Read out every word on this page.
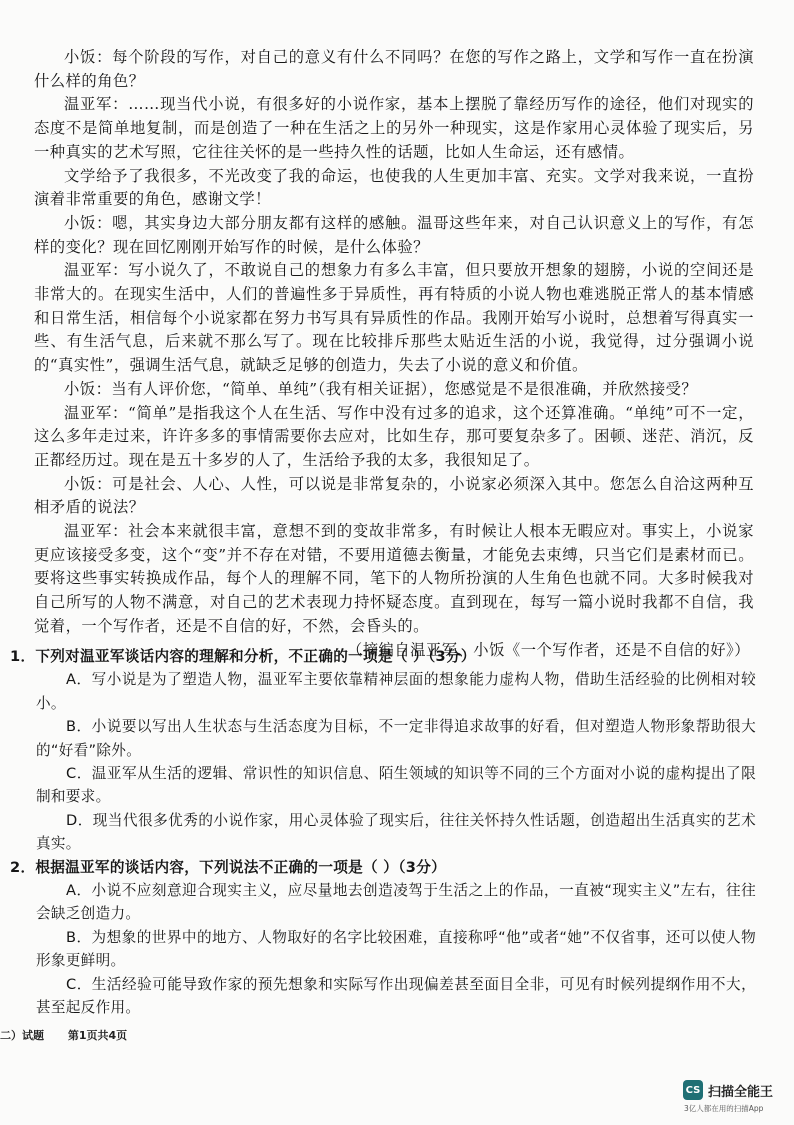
小饭：每个阶段的写作，对自己的意义有什么不同吗？在您的写作之路上，文学和写作一直在扮演什么样的角色？

温亚军：……现当代小说，有很多好的小说作家，基本上摆脱了靠经历写作的途径，他们对现实的态度不是简单地复制，而是创造了一种在生活之上的另外一种现实，这是作家用心灵体验了现实后，另一种真实的艺术写照，它往往关怀的是一些持久性的话题，比如人生命运，还有感情。

文学给予了我很多，不光改变了我的命运，也使我的人生更加丰富、充实。文学对我来说，一直扮演着非常重要的角色，感谢文学！

小饭：嗯，其实身边大部分朋友都有这样的感触。温哥这些年来，对自己认识意义上的写作，有怎样的变化？现在回忆刚刚开始写作的时候，是什么体验？

温亚军：写小说久了，不敢说自己的想象力有多么丰富，但只要放开想象的翅膀，小说的空间还是非常大的。在现实生活中，人们的普遍性多于异质性，再有特质的小说人物也难逃脱正常人的基本情感和日常生活，相信每个小说家都在努力书写具有异质性的作品。我刚开始写小说时，总想着写得真实一些、有生活气息，后来就不那么写了。现在比较排斥那些太贴近生活的小说，我觉得，过分强调小说的“真实性”，强调生活气息，就缺乏足够的创造力，失去了小说的意义和价值。

小饭：当有人评价您，“简单、单纯”（我有相关证据），您感觉是不是很准确，并欣然接受？

温亚军：“简单”是指我这个人在生活、写作中没有过多的追求，这个还算准确。“单纯”可不一定，这么多年走过来，许许多多的事情需要你去应对，比如生存，那可要复杂多了。困顿、迷茫、消沉，反正都经历过。现在是五十多岁的人了，生活给予我的太多，我很知足了。

小饭：可是社会、人心、人性，可以说是非常复杂的，小说家必须深入其中。您怎么自洽这两种互相矛盾的说法？

温亚军：社会本来就很丰富，意想不到的变故非常多，有时候让人根本无暇应对。事实上，小说家更应该接受多变，这个“变”并不存在对错，不要用道德去衡量，才能免去束缚，只当它们是素材而已。要将这些事实转换成作品，每个人的理解不同，笔下的人物所扮演的人生角色也就不同。大多时候我对自己所写的人物不满意，对自己的艺术表现力持怀疑态度。直到现在，每写一篇小说时我都不自信，我觉着，一个写作者，还是不自信的好，不然，会昏头的。

（摘编自温亚军、小饭《一个写作者，还是不自信的好》）

1．下列对温亚军谈话内容的理解和分析，不正确的一项是（ ）（3分）

A．写小说是为了塑造人物，温亚军主要依靠精神层面的想象能力虚构人物，借助生活经验的比例相对较小。

B．小说要以写出人生状态与生活态度为目标，不一定非得追求故事的好看，但对塑造人物形象帮助很大的“好看”除外。

C．温亚军从生活的逻辑、常识性的知识信息、陌生领域的知识等不同的三个方面对小说的虚构提出了限制和要求。

D．现当代很多优秀的小说作家，用心灵体验了现实后，往往关怀持久性话题，创造超出生活真实的艺术真实。

2．根据温亚军的谈话内容，下列说法不正确的一项是（ ）（3分）

A．小说不应刻意迎合现实主义，应尽量地去创造凌驾于生活之上的作品，一直被“现实主义”左右，往往会缺乏创造力。

B．为想象的世界中的地方、人物取好的名字比较困难，直接称呼“他”或者“她”不仅省事，还可以使人物形象更鲜明。

C．生活经验可能导致作家的预先想象和实际写作出现偏差甚至面目全非，可见有时候列提纲作用不大，甚至起反作用。

二）试题 第1页共4页
CS 扫描全能王
3亿人都在用的扫描App
